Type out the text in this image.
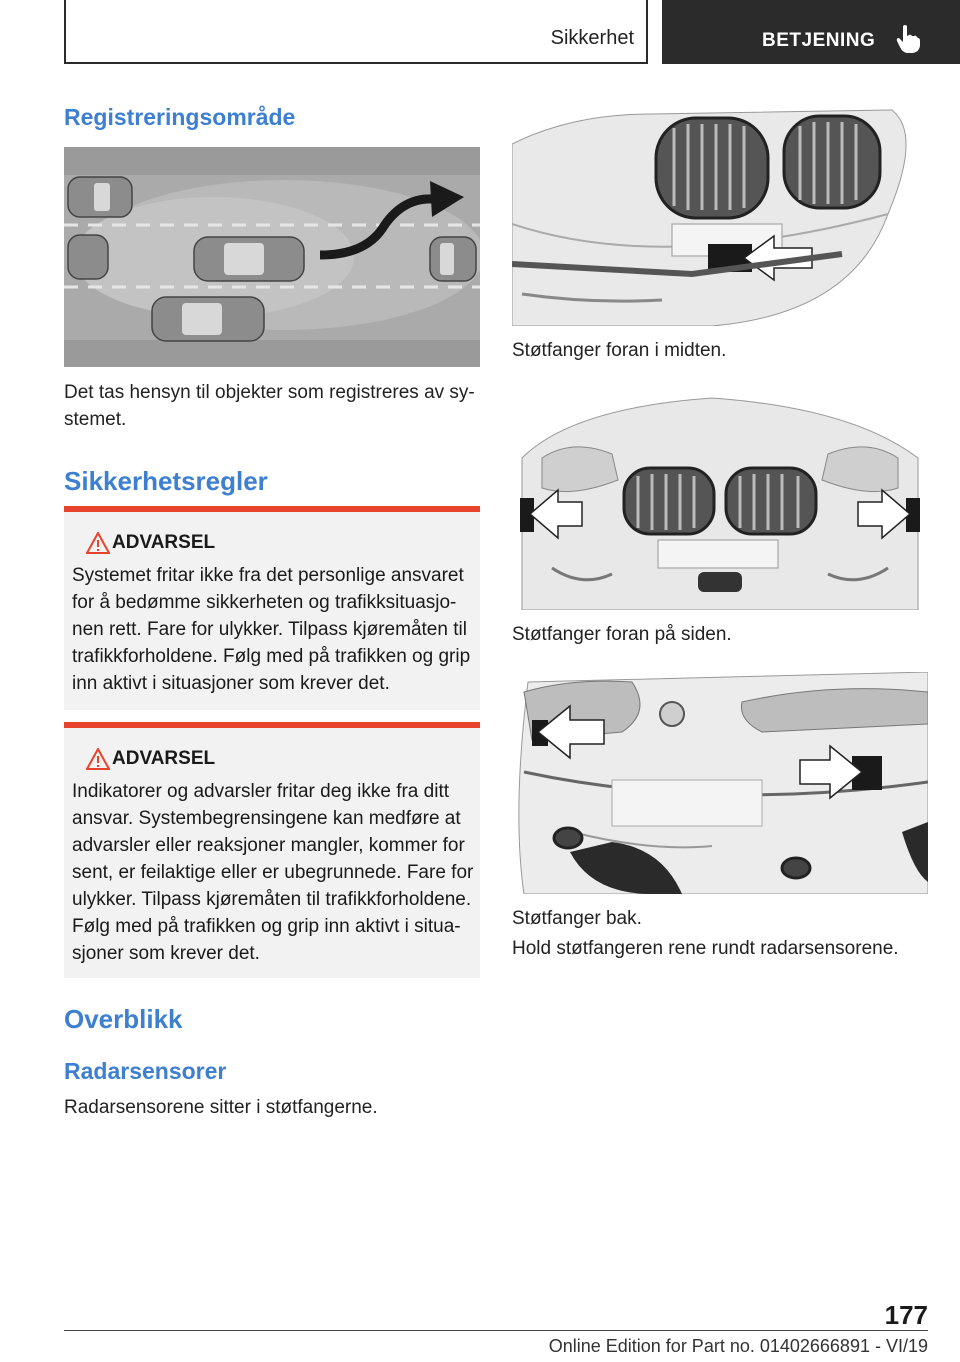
Sikkerhet	BETJENING
Registreringsområde

Det tas hensyn til objekter som registreres av sy‐

stemet.

Sikkerhetsregler
ADVARSEL
Systemet fritar ikke fra det personlige ansvaret
for å bedømme sikkerheten og trafikksituasjo‐
nen rett. Fare for ulykker. Tilpass kjøremåten til
trafikkforholdene. Følg med på trafikken og grip
inn aktivt i situasjoner som krever det.
ADVARSEL
Indikatorer og advarsler fritar deg ikke fra ditt
ansvar. Systembegrensingene kan medføre at
advarsler eller reaksjoner mangler, kommer for
sent, er feilaktige eller er ubegrunnede. Fare for
ulykker. Tilpass kjøremåten til trafikkforholdene.
Følg med på trafikken og grip inn aktivt i situa‐
sjoner som krever det.
Overblikk
Radarsensorer

Radarsensorene sitter i støtfangerne.

Støtfanger foran i midten.

Støtfanger foran på siden.

Støtfanger bak.

Hold støtfangeren rene rundt radarsensorene.

177
Online Edition for Part no. 01402666891 - VI/19
